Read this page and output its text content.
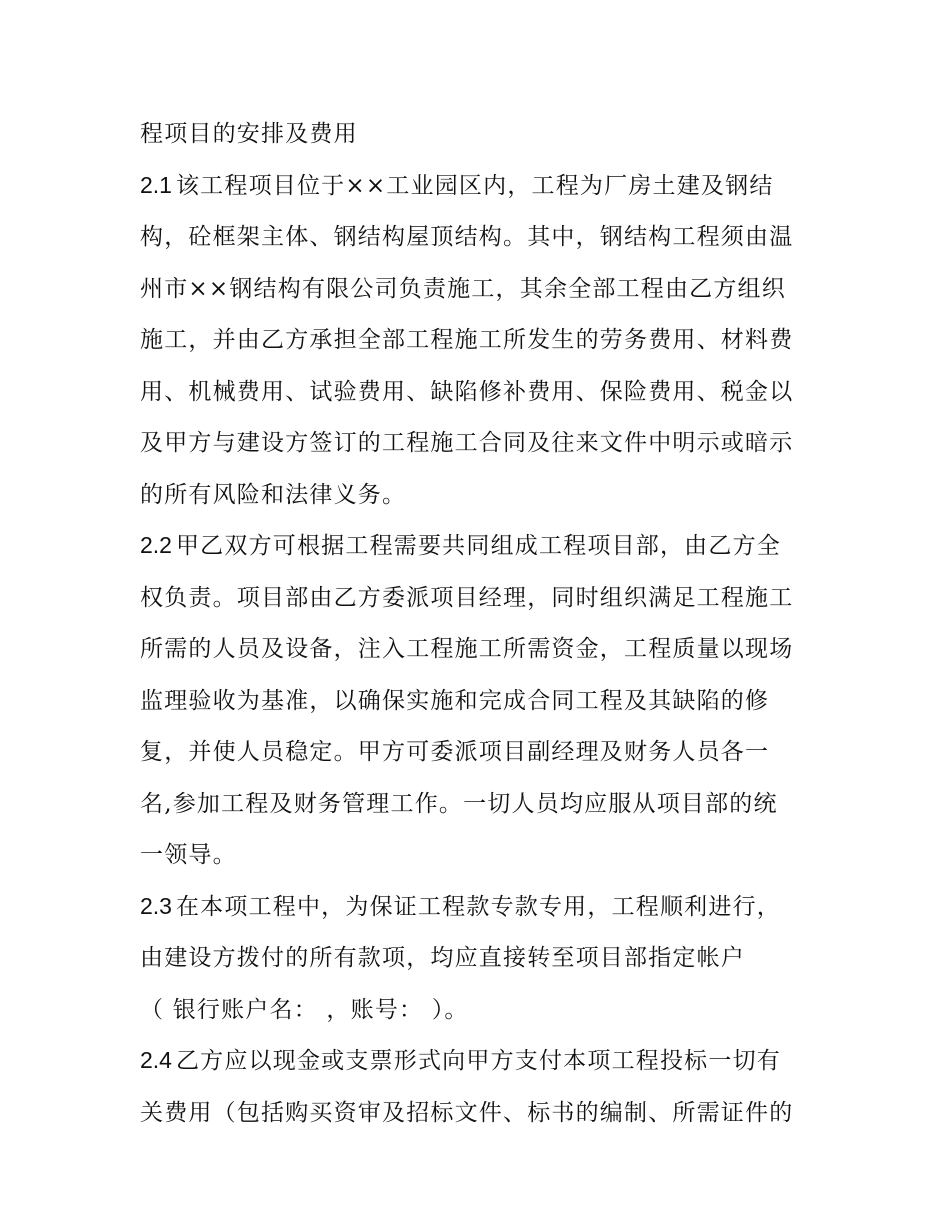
程项目的安排及费用
2.1 该工程项目位于××工业园区内，工程为厂房土建及钢结
构，砼框架主体、钢结构屋顶结构。其中，钢结构工程须由温
州市××钢结构有限公司负责施工，其余全部工程由乙方组织
施工，并由乙方承担全部工程施工所发生的劳务费用、材料费
用、机械费用、试验费用、缺陷修补费用、保险费用、税金以
及甲方与建设方签订的工程施工合同及往来文件中明示或暗示
的所有风险和法律义务。
2.2 甲乙双方可根据工程需要共同组成工程项目部，由乙方全
权负责。项目部由乙方委派项目经理，同时组织满足工程施工
所需的人员及设备，注入工程施工所需资金，工程质量以现场
监理验收为基准，以确保实施和完成合同工程及其缺陷的修
复，并使人员稳定。甲方可委派项目副经理及财务人员各一
名,参加工程及财务管理工作。一切人员均应服从项目部的统
一领导。
2.3 在本项工程中，为保证工程款专款专用，工程顺利进行，
由建设方拨付的所有款项，均应直接转至项目部指定帐户
（ 银行账户名： ，账号： ）。
2.4 乙方应以现金或支票形式向甲方支付本项工程投标一切有
关费用（包括购买资审及招标文件、标书的编制、所需证件的
